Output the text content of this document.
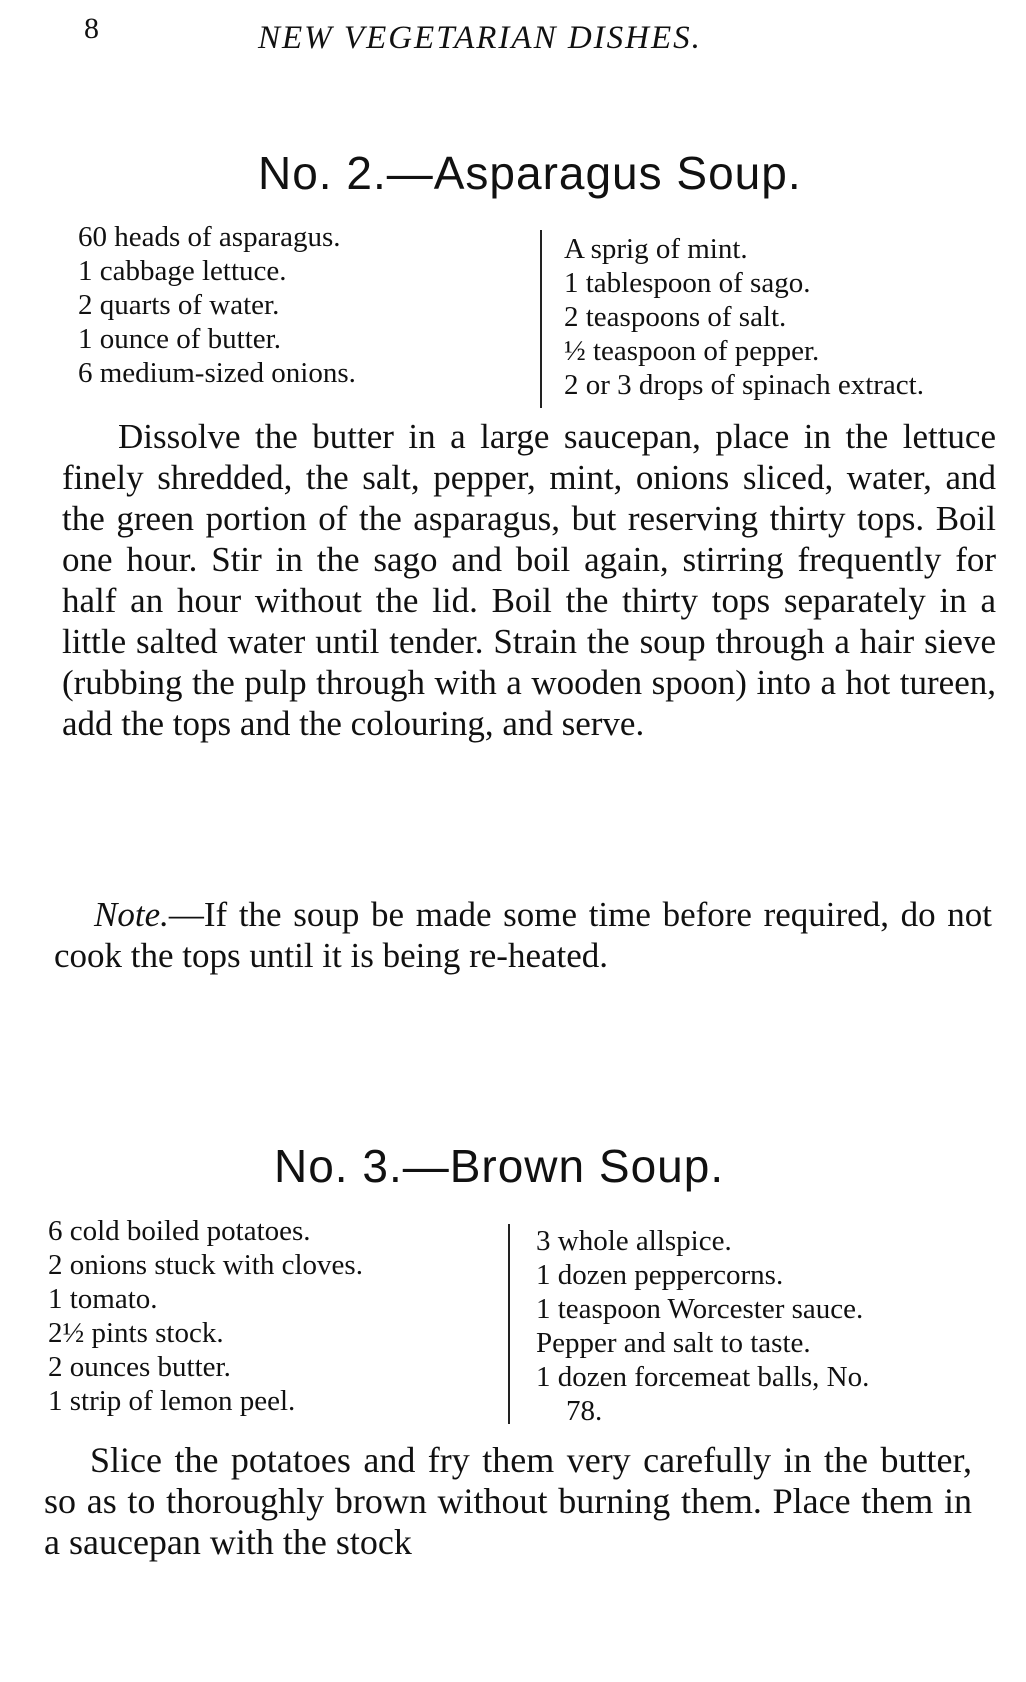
8	NEW VEGETARIAN DISHES.
No. 2.—Asparagus Soup.
60 heads of asparagus.
1 cabbage lettuce.
2 quarts of water.
1 ounce of butter.
6 medium-sized onions.
A sprig of mint.
1 tablespoon of sago.
2 teaspoons of salt.
½ teaspoon of pepper.
2 or 3 drops of spinach extract.

Dissolve the butter in a large saucepan, place in the lettuce finely shredded, the salt, pepper, mint, onions sliced, water, and the green portion of the asparagus, but reserving thirty tops. Boil one hour. Stir in the sago and boil again, stirring frequently for half an hour without the lid. Boil the thirty tops separately in a little salted water until tender. Strain the soup through a hair sieve (rubbing the pulp through with a wooden spoon) into a hot tureen, add the tops and the colouring, and serve.

Note.—If the soup be made some time before required, do not cook the tops until it is being re-heated.

No. 3.—Brown Soup.
6 cold boiled potatoes.
2 onions stuck with cloves.
1 tomato.
2½ pints stock.
2 ounces butter.
1 strip of lemon peel.
3 whole allspice.
1 dozen peppercorns.
1 teaspoon Worcester sauce.
Pepper and salt to taste.
1 dozen forcemeat balls, No.
78.

Slice the potatoes and fry them very carefully in the butter, so as to thoroughly brown without burning them. Place them in a saucepan with the stock
